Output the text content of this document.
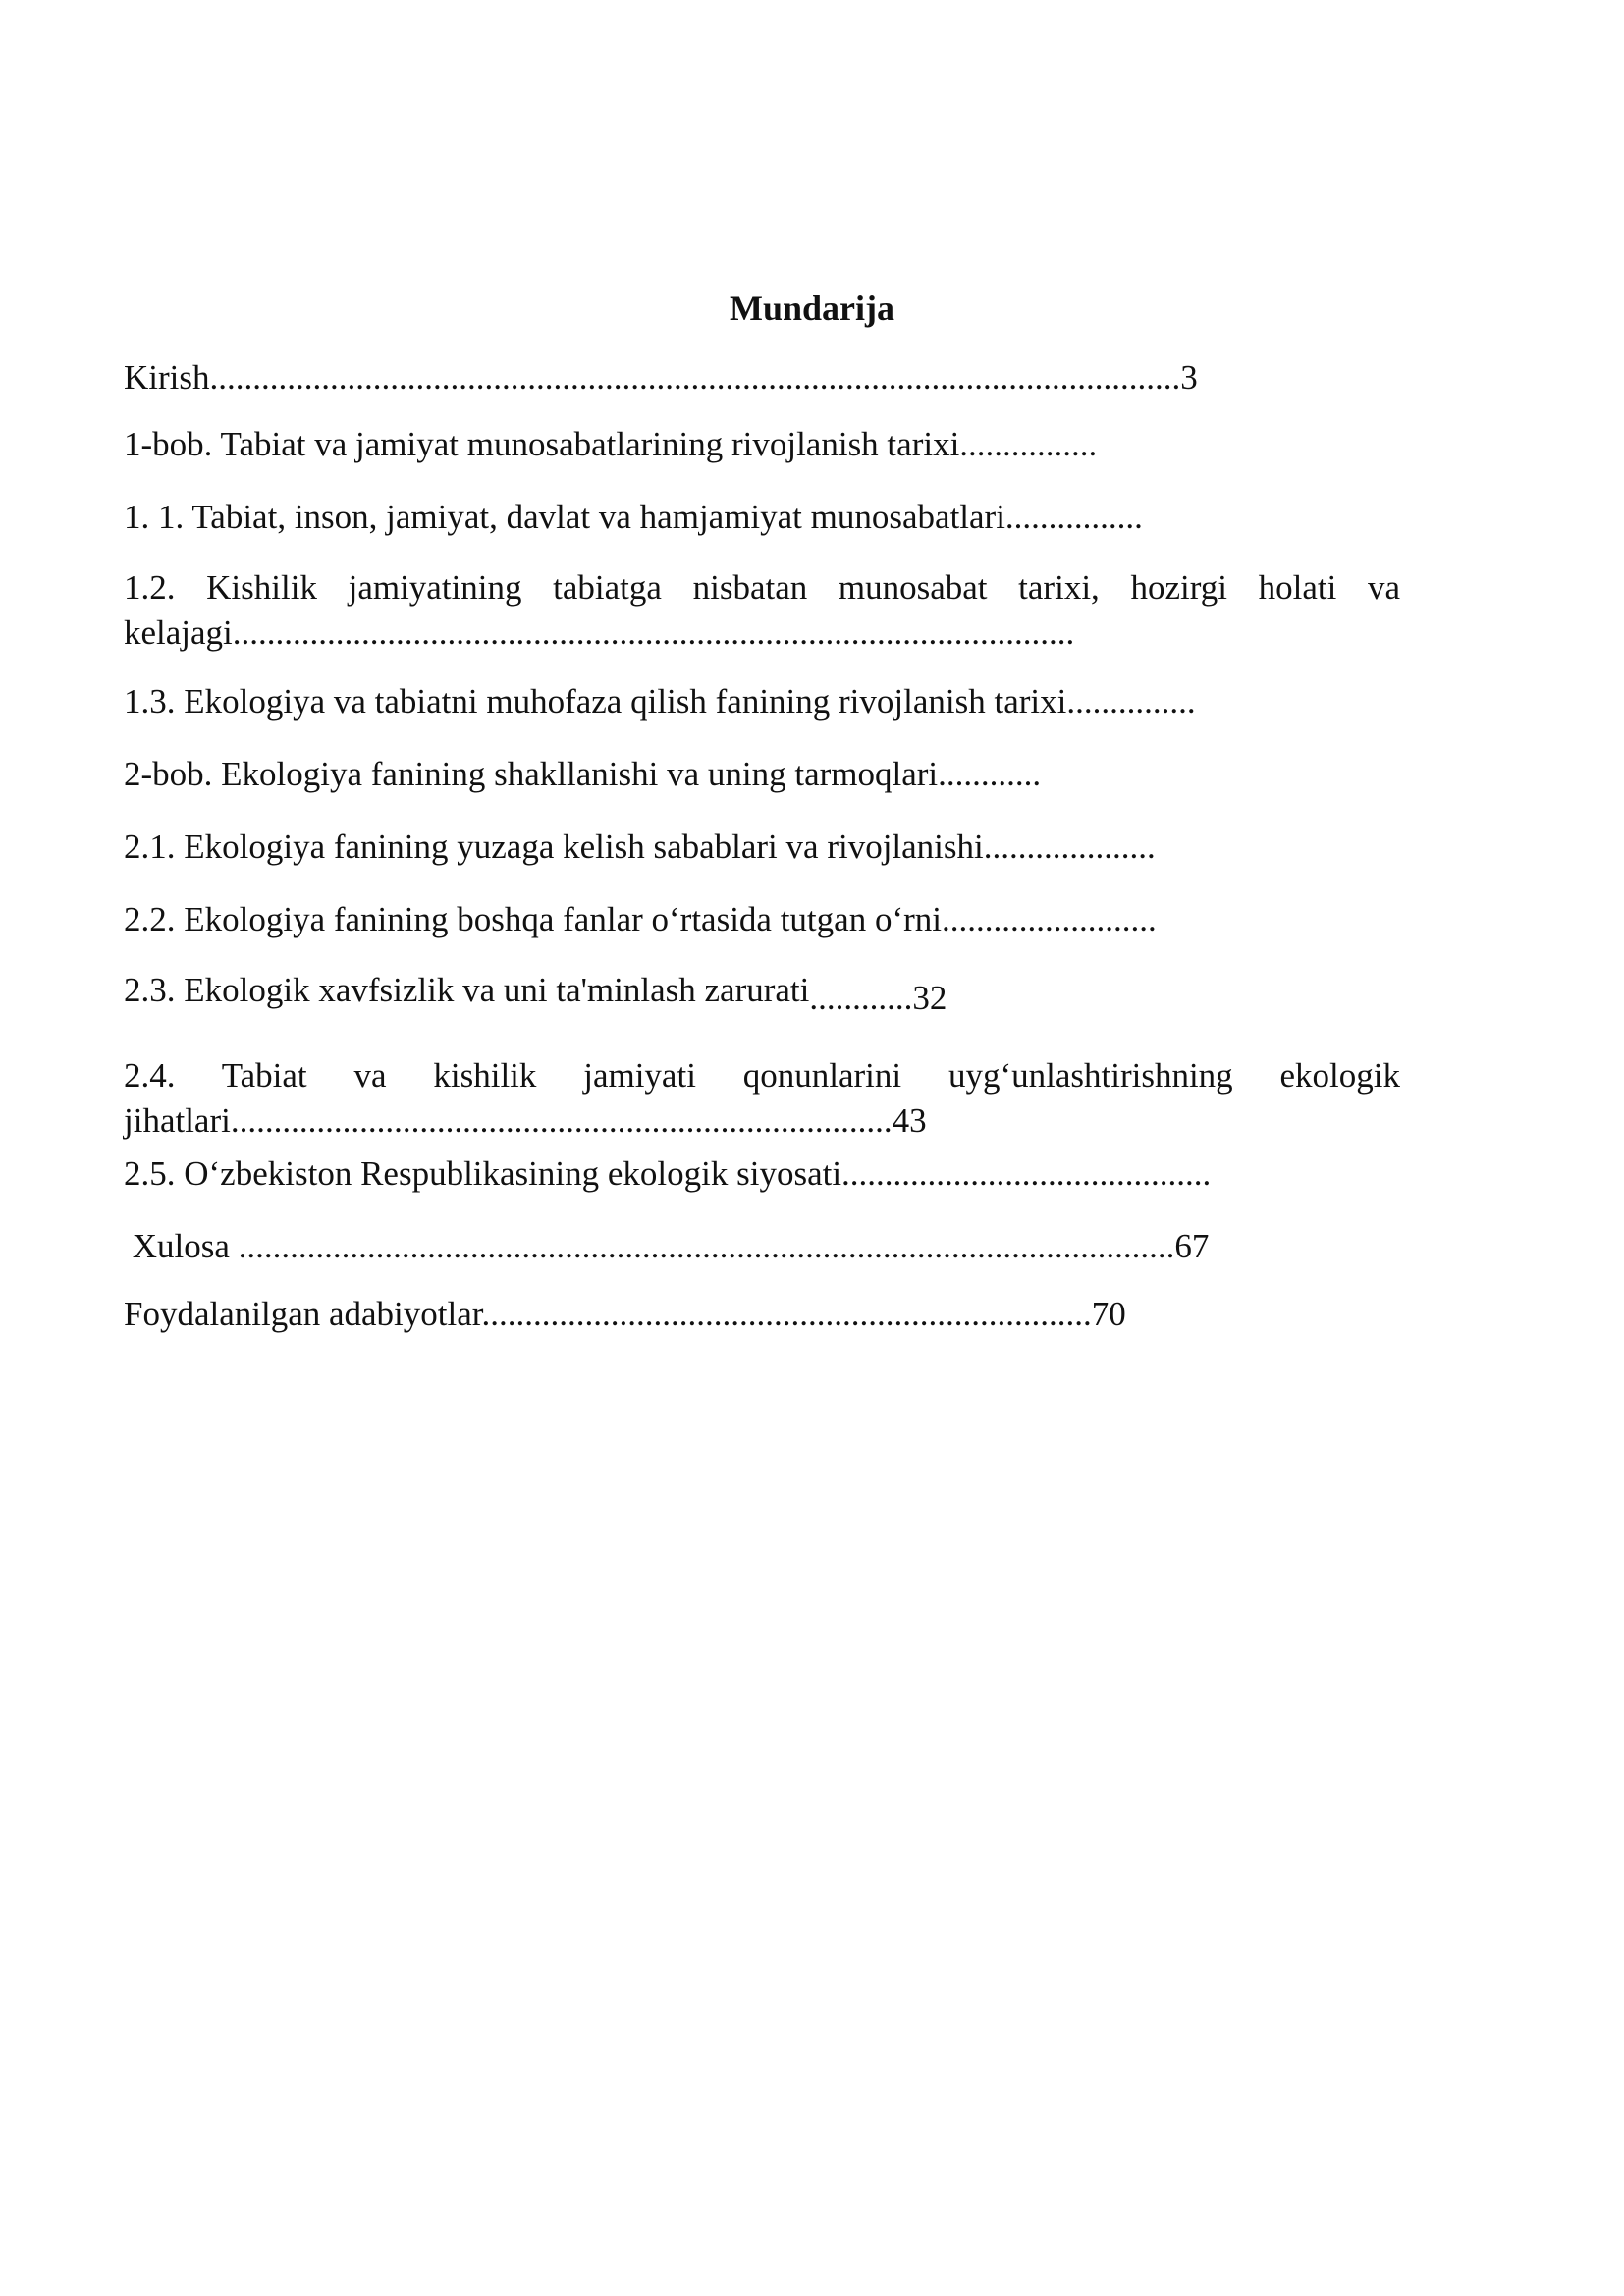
Mundarija
Kirish.................................................................................................................3
1-bob. Tabiat va jamiyat munosabatlarining rivojlanish tarixi................
1. 1. Tabiat, inson, jamiyat, davlat va hamjamiyat munosabatlari................
1.2. Kishilik jamiyatining tabiatga nisbatan munosabat tarixi, hozirgi holati va
kelajagi..................................................................................................
1.3. Ekologiya va tabiatni muhofaza qilish fanining rivojlanish tarixi...............
2-bob. Ekologiya fanining shakllanishi va uning tarmoqlari............
2.1. Ekologiya fanining yuzaga kelish sabablari va rivojlanishi....................
2.2. Ekologiya fanining boshqa fanlar o‘rtasida tutgan o‘rni.........................
2.3. Ekologik xavfsizlik va uni ta'minlash zarurati............32
2.4. Tabiat va kishilik jamiyati qonunlarini uyg‘unlashtirishning ekologik
jihatlari.............................................................................43
2.5. O‘zbekiston Respublikasining ekologik siyosati...........................................
Xulosa .............................................................................................................67
Foydalanilgan adabiyotlar.......................................................................70
